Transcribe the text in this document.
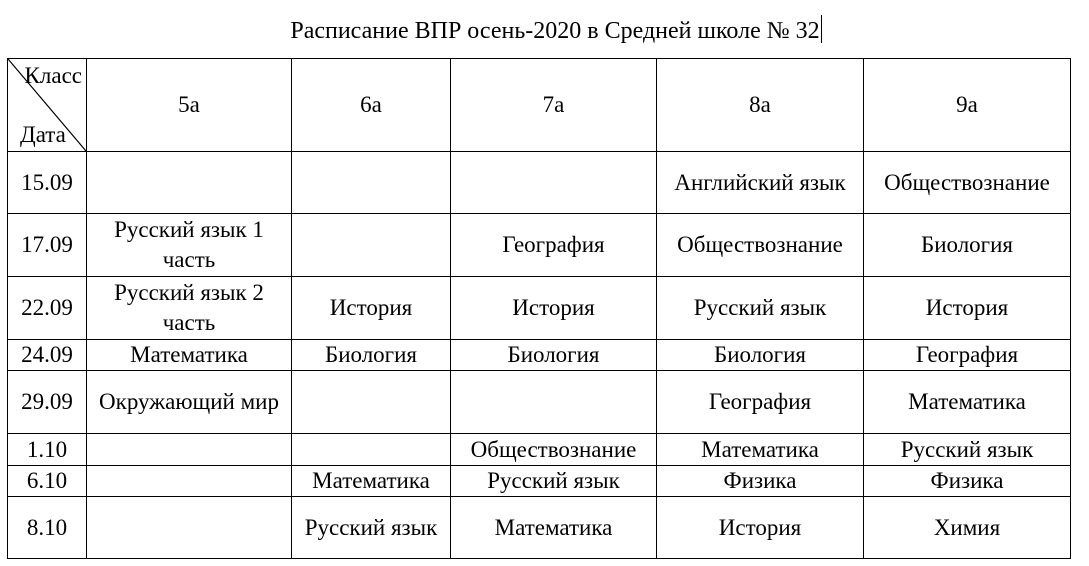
Расписание ВПР осень-2020 в Средней школе № 32
Класс
Дата	5а	6а	7а	8а	9а
15.09				Английский язык	Обществознание
17.09	Русский язык 1 часть		География	Обществознание	Биология
22.09	Русский язык 2 часть	История	История	Русский язык	История
24.09	Математика	Биология	Биология	Биология	География
29.09	Окружающий мир			География	Математика
1.10			Обществознание	Математика	Русский язык
6.10		Математика	Русский язык	Физика	Физика
8.10		Русский язык	Математика	История	Химия
